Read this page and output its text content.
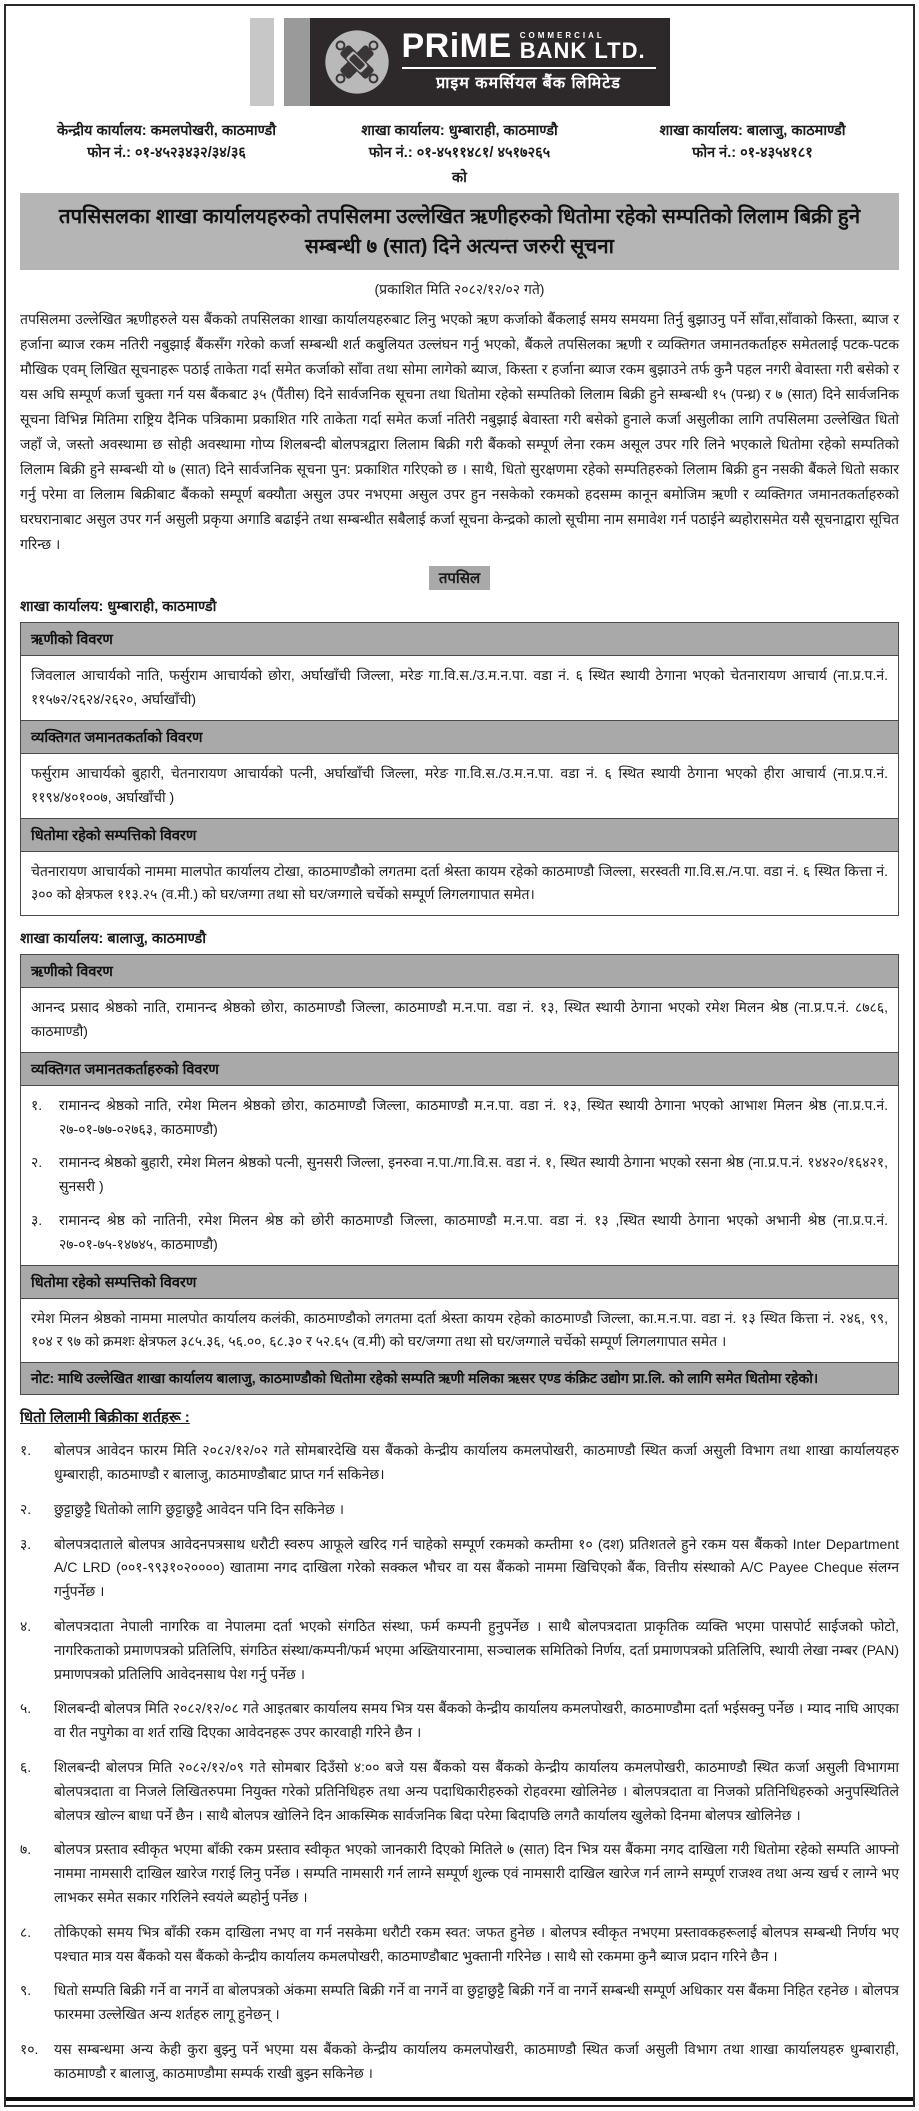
PRiME COMMERCIAL
BANK LTD.
प्राइम कमर्सियल बैंक लिमिटेड
केन्द्रीय कार्यालय: कमलपोखरी, काठमाण्डौ
फोन नं.: ०१-४५२३४३२/३४/३६
शाखा कार्यालय: धुम्बाराही, काठमाण्डौ
फोन नं.: ०१-४५११४८१/ ४५१७२६५
शाखा कार्यालय: बालाजु, काठमाण्डौ
फोन नं.: ०१-४३५४१८१
को
तपसिसलका शाखा कार्यालयहरुको तपसिलमा उल्लेखित ऋणीहरुको धितोमा रहेको सम्पतिको लिलाम बिक्री हुने सम्बन्धी ७ (सात) दिने अत्यन्त जरुरी सूचना
(प्रकाशित मिति २०८२/१२/०२ गते)

तपसिलमा उल्लेखित ऋणीहरुले यस बैंकको तपसिलका शाखा कार्यालयहरुबाट लिनु भएको ऋण कर्जाको बैंकलाई समय समयमा तिर्नु बुझाउनु पर्ने साँवा,साँवाको किस्ता, ब्याज र हर्जाना ब्याज रकम नतिरी नबुझाई बैंकसँग गरेको कर्जा सम्बन्धी शर्त कबुलियत उल्लंघन गर्नु भएको, बैंकले तपसिलका ऋणी र व्यक्तिगत जमानतकर्ताहरु समेतलाई पटक-पटक मौखिक एवम् लिखित सूचनाहरू पठाई ताकेता गर्दा समेत कर्जाको साँवा तथा सोमा लागेको ब्याज, किस्ता र हर्जाना ब्याज रकम बुझाउने तर्फ कुनै पहल नगरी बेवास्ता गरी बसेको र यस अघि सम्पूर्ण कर्जा चुक्ता गर्न यस बैंकबाट ३५ (पैंतीस) दिने सार्वजनिक सूचना तथा धितोमा रहेको सम्पतिको लिलाम बिक्री हुने सम्बन्धी १५ (पन्ध्र) र ७ (सात) दिने सार्वजनिक सूचना विभिन्न मितिमा राष्ट्रिय दैनिक पत्रिकामा प्रकाशित गरि ताकेता गर्दा समेत कर्जा नतिरी नबुझाई बेवास्ता गरी बसेको हुनाले कर्जा असुलीका लागि तपसिलमा उल्लेखित धितो जहाँ जे, जस्तो अवस्थामा छ सोही अवस्थामा गोप्य शिलबन्दी बोलपत्रद्वारा लिलाम बिक्री गरी बैंकको सम्पूर्ण लेना रकम असूल उपर गरि लिने भएकाले धितोमा रहेको सम्पतिको लिलाम बिक्री हुने सम्बन्धी यो ७ (सात) दिने सार्वजनिक सूचना पुन: प्रकाशित गरिएको छ । साथै, धितो सुरक्षणमा रहेको सम्पतिहरुको लिलाम बिक्री हुन नसकी बैंकले धितो सकार गर्नु परेमा वा लिलाम बिक्रीबाट बैंकको सम्पूर्ण बक्यौता असुल उपर नभएमा असुल उपर हुन नसकेको रकमको हदसम्म कानून बमोजिम ऋणी र व्यक्तिगत जमानतकर्ताहरुको घरघरानाबाट असुल उपर गर्न असुली प्रकृया अगाडि बढाईने तथा सम्बन्धीत सबैलाई कर्जा सूचना केन्द्रको कालो सूचीमा नाम समावेश गर्न पठाईने ब्यहोरासमेत यसै सूचनाद्वारा सूचित गरिन्छ ।

तपसिल
शाखा कार्यालय: धुम्बाराही, काठमाण्डौ
ऋणीको विवरण
जिवलाल आचार्यको नाति, फर्सुराम आचार्यको छोरा, अर्घाखाँची जिल्ला, मरेङ गा.वि.स./उ.म.न.पा. वडा नं. ६ स्थित स्थायी ठेगाना भएको चेतनारायण आचार्य (ना.प्र.प.नं. ११५७२/२६२४/२६२०, अर्घाखाँची)
व्यक्तिगत जमानतकर्ताको विवरण
फर्सुराम आचार्यको बुहारी, चेतनारायण आचार्यको पत्नी, अर्घाखाँची जिल्ला, मरेङ गा.वि.स./उ.म.न.पा. वडा नं. ६ स्थित स्थायी ठेगाना भएको हीरा आचार्य (ना.प्र.प.नं. ११९४/४०१००७, अर्घाखाँची )
धितोमा रहेको सम्पत्तिको विवरण
चेतनारायण आचार्यको नाममा मालपोत कार्यालय टोखा, काठमाण्डौको लगतमा दर्ता श्रेस्ता कायम रहेको काठमाण्डौ जिल्ला, सरस्वती गा.वि.स./न.पा. वडा नं. ६ स्थित कित्ता नं. ३०० को क्षेत्रफल ११३.२५ (व.मी.) को घर/जग्गा तथा सो घर/जग्गाले चर्चेको सम्पूर्ण लिगलगापात समेत।
शाखा कार्यालय: बालाजु, काठमाण्डौ
ऋणीको विवरण
आनन्द प्रसाद श्रेष्ठको नाति, रामानन्द श्रेष्ठको छोरा, काठमाण्डौ जिल्ला, काठमाण्डौ म.न.पा. वडा नं. १३, स्थित स्थायी ठेगाना भएको रमेश मिलन श्रेष्ठ (ना.प्र.प.नं. ८७८६, काठमाण्डौ)
व्यक्तिगत जमानतकर्ताहरुको विवरण
१.	रामानन्द श्रेष्ठको नाति, रमेश मिलन श्रेष्ठको छोरा, काठमाण्डौ जिल्ला, काठमाण्डौ म.न.पा. वडा नं. १३, स्थित स्थायी ठेगाना भएको आभाश मिलन श्रेष्ठ (ना.प्र.प.नं. २७-०१-७७-०२७६३, काठमाण्डौ)
२.	रामानन्द श्रेष्ठको बुहारी, रमेश मिलन श्रेष्ठको पत्नी, सुनसरी जिल्ला, इनरुवा न.पा./गा.वि.स. वडा नं. १, स्थित स्थायी ठेगाना भएको रसना श्रेष्ठ (ना.प्र.प.नं. १४४२०/१६४२१, सुनसरी )
३.	रामानन्द श्रेष्ठ को नातिनी, रमेश मिलन श्रेष्ठ को छोरी काठमाण्डौ जिल्ला, काठमाण्डौ म.न.पा. वडा नं. १३ ,स्थित स्थायी ठेगाना भएको अभानी श्रेष्ठ (ना.प्र.प.नं. २७-०१-७५-१४७४५, काठमाण्डौ)
धितोमा रहेको सम्पत्तिको विवरण
रमेश मिलन श्रेष्ठको नाममा मालपोत कार्यालय कलंकी, काठमाण्डौको लगतमा दर्ता श्रेस्ता कायम रहेको काठमाण्डौ जिल्ला, का.म.न.पा. वडा नं. १३ स्थित कित्ता नं. २४६, ९९, १०४ र ९७ को क्रमशः क्षेत्रफल ३८५.३६, ५६.००, ६८.३० र ५२.६५ (व.मी) को घर/जग्गा तथा सो घर/जग्गाले चर्चेको सम्पूर्ण लिगलगापात समेत ।
नोट: माथि उल्लेखित शाखा कार्यालय बालाजु, काठमाण्डौको धितोमा रहेको सम्पति ऋणी मलिका ऋसर एण्ड कंक्रिट उद्योग प्रा.लि. को लागि समेत धितोमा रहेको।
धितो लिलामी बिक्रीका शर्तहरू :
१.	बोलपत्र आवेदन फारम मिति २०८२/१२/०२ गते सोमबारदेखि यस बैंकको केन्द्रीय कार्यालय कमलपोखरी, काठमाण्डौ स्थित कर्जा असुली विभाग तथा शाखा कार्यालयहरु धुम्बाराही, काठमाण्डौ र बालाजु, काठमाण्डौबाट प्राप्त गर्न सकिनेछ।
२.	छुट्टाछुट्टै धितोको लागि छुट्टाछुट्टै आवेदन पनि दिन सकिनेछ ।
३.	बोलपत्रदाताले बोलपत्र आवेदनपत्रसाथ धरौटी स्वरुप आफूले खरिद गर्न चाहेको सम्पूर्ण रकमको कम्तीमा १० (दश) प्रतिशतले हुने रकम यस बैंकको Inter Department A/C LRD (००१-९९३१०२००००) खातामा नगद दाखिला गरेको सक्कल भौचर वा यस बैंकको नाममा खिचिएको बैंक, वित्तीय संस्थाको A/C Payee Cheque संलग्न गर्नुपर्नेछ ।
४.	बोलपत्रदाता नेपाली नागरिक वा नेपालमा दर्ता भएको संगठित संस्था, फर्म कम्पनी हुनुपर्नेछ । साथै बोलपत्रदाता प्राकृतिक व्यक्ति भएमा पासपोर्ट साईजको फोटो, नागरिकताको प्रमाणपत्रको प्रतिलिपि, संगठित संस्था/कम्पनी/फर्म भएमा अख्तियारनामा, सञ्चालक समितिको निर्णय, दर्ता प्रमाणपत्रको प्रतिलिपि, स्थायी लेखा नम्बर (PAN) प्रमाणपत्रको प्रतिलिपि आवेदनसाथ पेश गर्नु पर्नेछ ।
५.	शिलबन्दी बोलपत्र मिति २०८२/१२/०८ गते आइतबार कार्यालय समय भित्र यस बैंकको केन्द्रीय कार्यालय कमलपोखरी, काठमाण्डौमा दर्ता भईसक्नु पर्नेछ । म्याद नाघि आएका वा रीत नपुगेका वा शर्त राखि दिएका आवेदनहरू उपर कारवाही गरिने छैन ।
६.	शिलबन्दी बोलपत्र मिति २०८२/१२/०९ गते सोमबार दिउँसो ४:०० बजे यस बैंकको यस बैंकको केन्द्रीय कार्यालय कमलपोखरी, काठमाण्डौ स्थित कर्जा असुली विभागमा बोलपत्रदाता वा निजले लिखितरुपमा नियुक्त गरेको प्रतिनिधिहरु तथा अन्य पदाधिकारीहरुको रोहवरमा खोलिनेछ । बोलपत्रदाता वा निजको प्रतिनिधिहरुको अनुपस्थितिले बोलपत्र खोल्न बाधा पर्ने छैन । साथै बोलपत्र खोलिने दिन आकस्मिक सार्वजनिक बिदा परेमा बिदापछि लगतै कार्यालय खुलेको दिनमा बोलपत्र खोलिनेछ ।
७.	बोलपत्र प्रस्ताव स्वीकृत भएमा बाँकी रकम प्रस्ताव स्वीकृत भएको जानकारी दिएको मितिले ७ (सात) दिन भित्र यस बैंकमा नगद दाखिला गरी धितोमा रहेको सम्पति आफ्नो नाममा नामसारी दाखिल खारेज गराई लिनु पर्नेछ । सम्पति नामसारी गर्न लाग्ने सम्पूर्ण शुल्क एवं नामसारी दाखिल खारेज गर्न लाग्ने सम्पूर्ण राजश्व तथा अन्य खर्च र लाग्ने भए लाभकर समेत सकार गरिलिने स्वयंले ब्यहोर्नु पर्नेछ ।
८.	तोकिएको समय भित्र बाँकी रकम दाखिला नभए वा गर्न नसकेमा धरौटी रकम स्वत: जफत हुनेछ । बोलपत्र स्वीकृत नभएमा प्रस्तावकहरूलाई बोलपत्र सम्बन्धी निर्णय भए पश्चात मात्र यस बैंकको यस बैंकको केन्द्रीय कार्यालय कमलपोखरी, काठमाण्डौबाट भुक्तानी गरिनेछ । साथै सो रकममा कुनै ब्याज प्रदान गरिने छैन ।
९.	धितो सम्पति बिक्री गर्ने वा नगर्ने वा बोलपत्रको अंकमा सम्पति बिक्री गर्ने वा नगर्ने वा छुट्टाछुट्टै बिक्री गर्ने वा नगर्ने सम्बन्धी सम्पूर्ण अधिकार यस बैंकमा निहित रहनेछ । बोलपत्र फारममा उल्लेखित अन्य शर्तहरु लागू हुनेछन् ।
१०. यस सम्बन्धमा अन्य केही कुरा बुझ्नु पर्ने भएमा यस बैंकको केन्द्रीय कार्यालय कमलपोखरी, काठमाण्डौ स्थित कर्जा असुली विभाग तथा शाखा कार्यालयहरु धुम्बाराही, काठमाण्डौ र बालाजु, काठमाण्डौमा सम्पर्क राखी बुझ्न सकिनेछ ।
